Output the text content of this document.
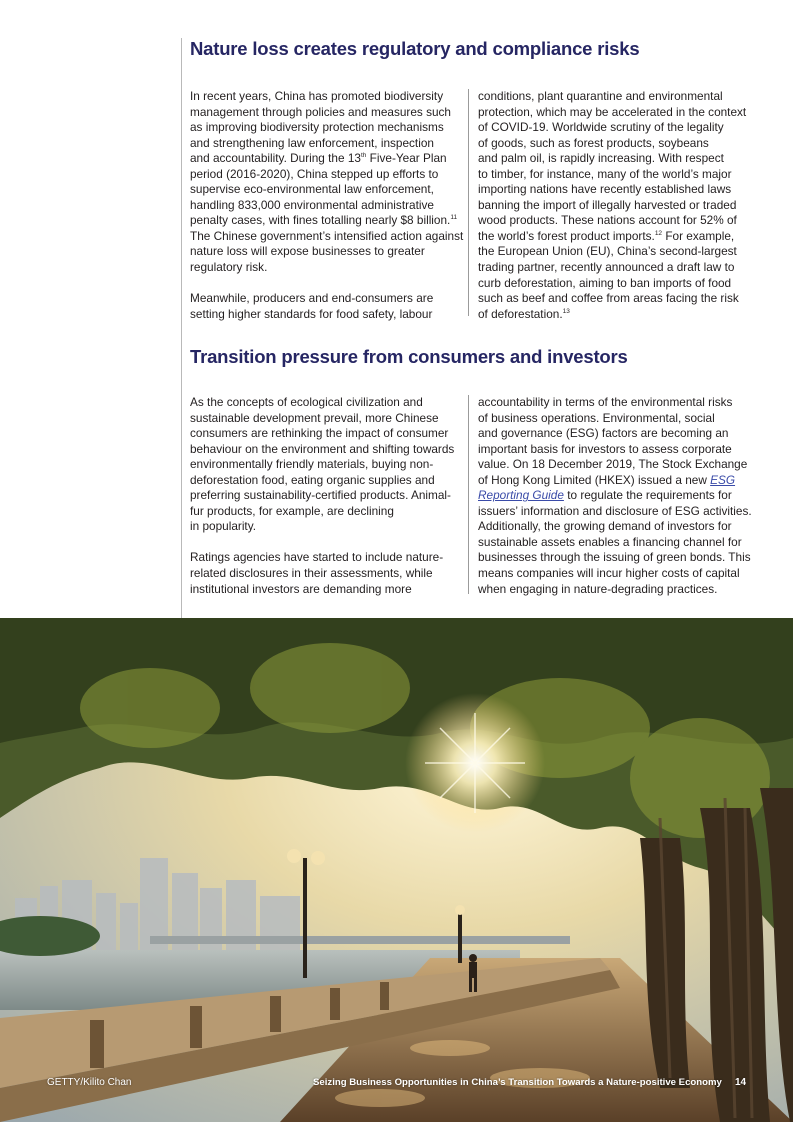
Nature loss creates regulatory and compliance risks

In recent years, China has promoted biodiversity
management through policies and measures such
as improving biodiversity protection mechanisms
and strengthening law enforcement, inspection
and accountability. During the 13th Five-Year Plan
period (2016-2020), China stepped up efforts to
supervise eco-environmental law enforcement,
handling 833,000 environmental administrative
penalty cases, with fines totalling nearly $8 billion.$^{11}$
The Chinese government’s intensified action against
nature loss will expose businesses to greater
regulatory risk.

Meanwhile, producers and end-consumers are
setting higher standards for food safety, labour

conditions, plant quarantine and environmental
protection, which may be accelerated in the context
of COVID-19. Worldwide scrutiny of the legality
of goods, such as forest products, soybeans
and palm oil, is rapidly increasing. With respect
to timber, for instance, many of the world’s major
importing nations have recently established laws
banning the import of illegally harvested or traded
wood products. These nations account for 52% of
the world’s forest product imports.$^{12}$ For example,
the European Union (EU), China’s second-largest
trading partner, recently announced a draft law to
curb deforestation, aiming to ban imports of food
such as beef and coffee from areas facing the risk
of deforestation.$^{13}$

Transition pressure from consumers and investors

As the concepts of ecological civilization and
sustainable development prevail, more Chinese
consumers are rethinking the impact of consumer
behaviour on the environment and shifting towards
environmentally friendly materials, buying non-
deforestation food, eating organic supplies and
preferring sustainability-certified products. Animal-
fur products, for example, are declining
in popularity.

Ratings agencies have started to include nature-
related disclosures in their assessments, while
institutional investors are demanding more

accountability in terms of the environmental risks
of business operations. Environmental, social
and governance (ESG) factors are becoming an
important basis for investors to assess corporate
value. On 18 December 2019, The Stock Exchange
of Hong Kong Limited (HKEX) issued a new ESG
Reporting Guide to regulate the requirements for
issuers’ information and disclosure of ESG activities.
Additionally, the growing demand of investors for
sustainable assets enables a financing channel for
businesses through the issuing of green bonds. This
means companies will incur higher costs of capital
when engaging in nature-degrading practices.

GETTY/Kilito Chan	Seizing Business Opportunities in China’s Transition Towards a Nature-positive Economy 14
